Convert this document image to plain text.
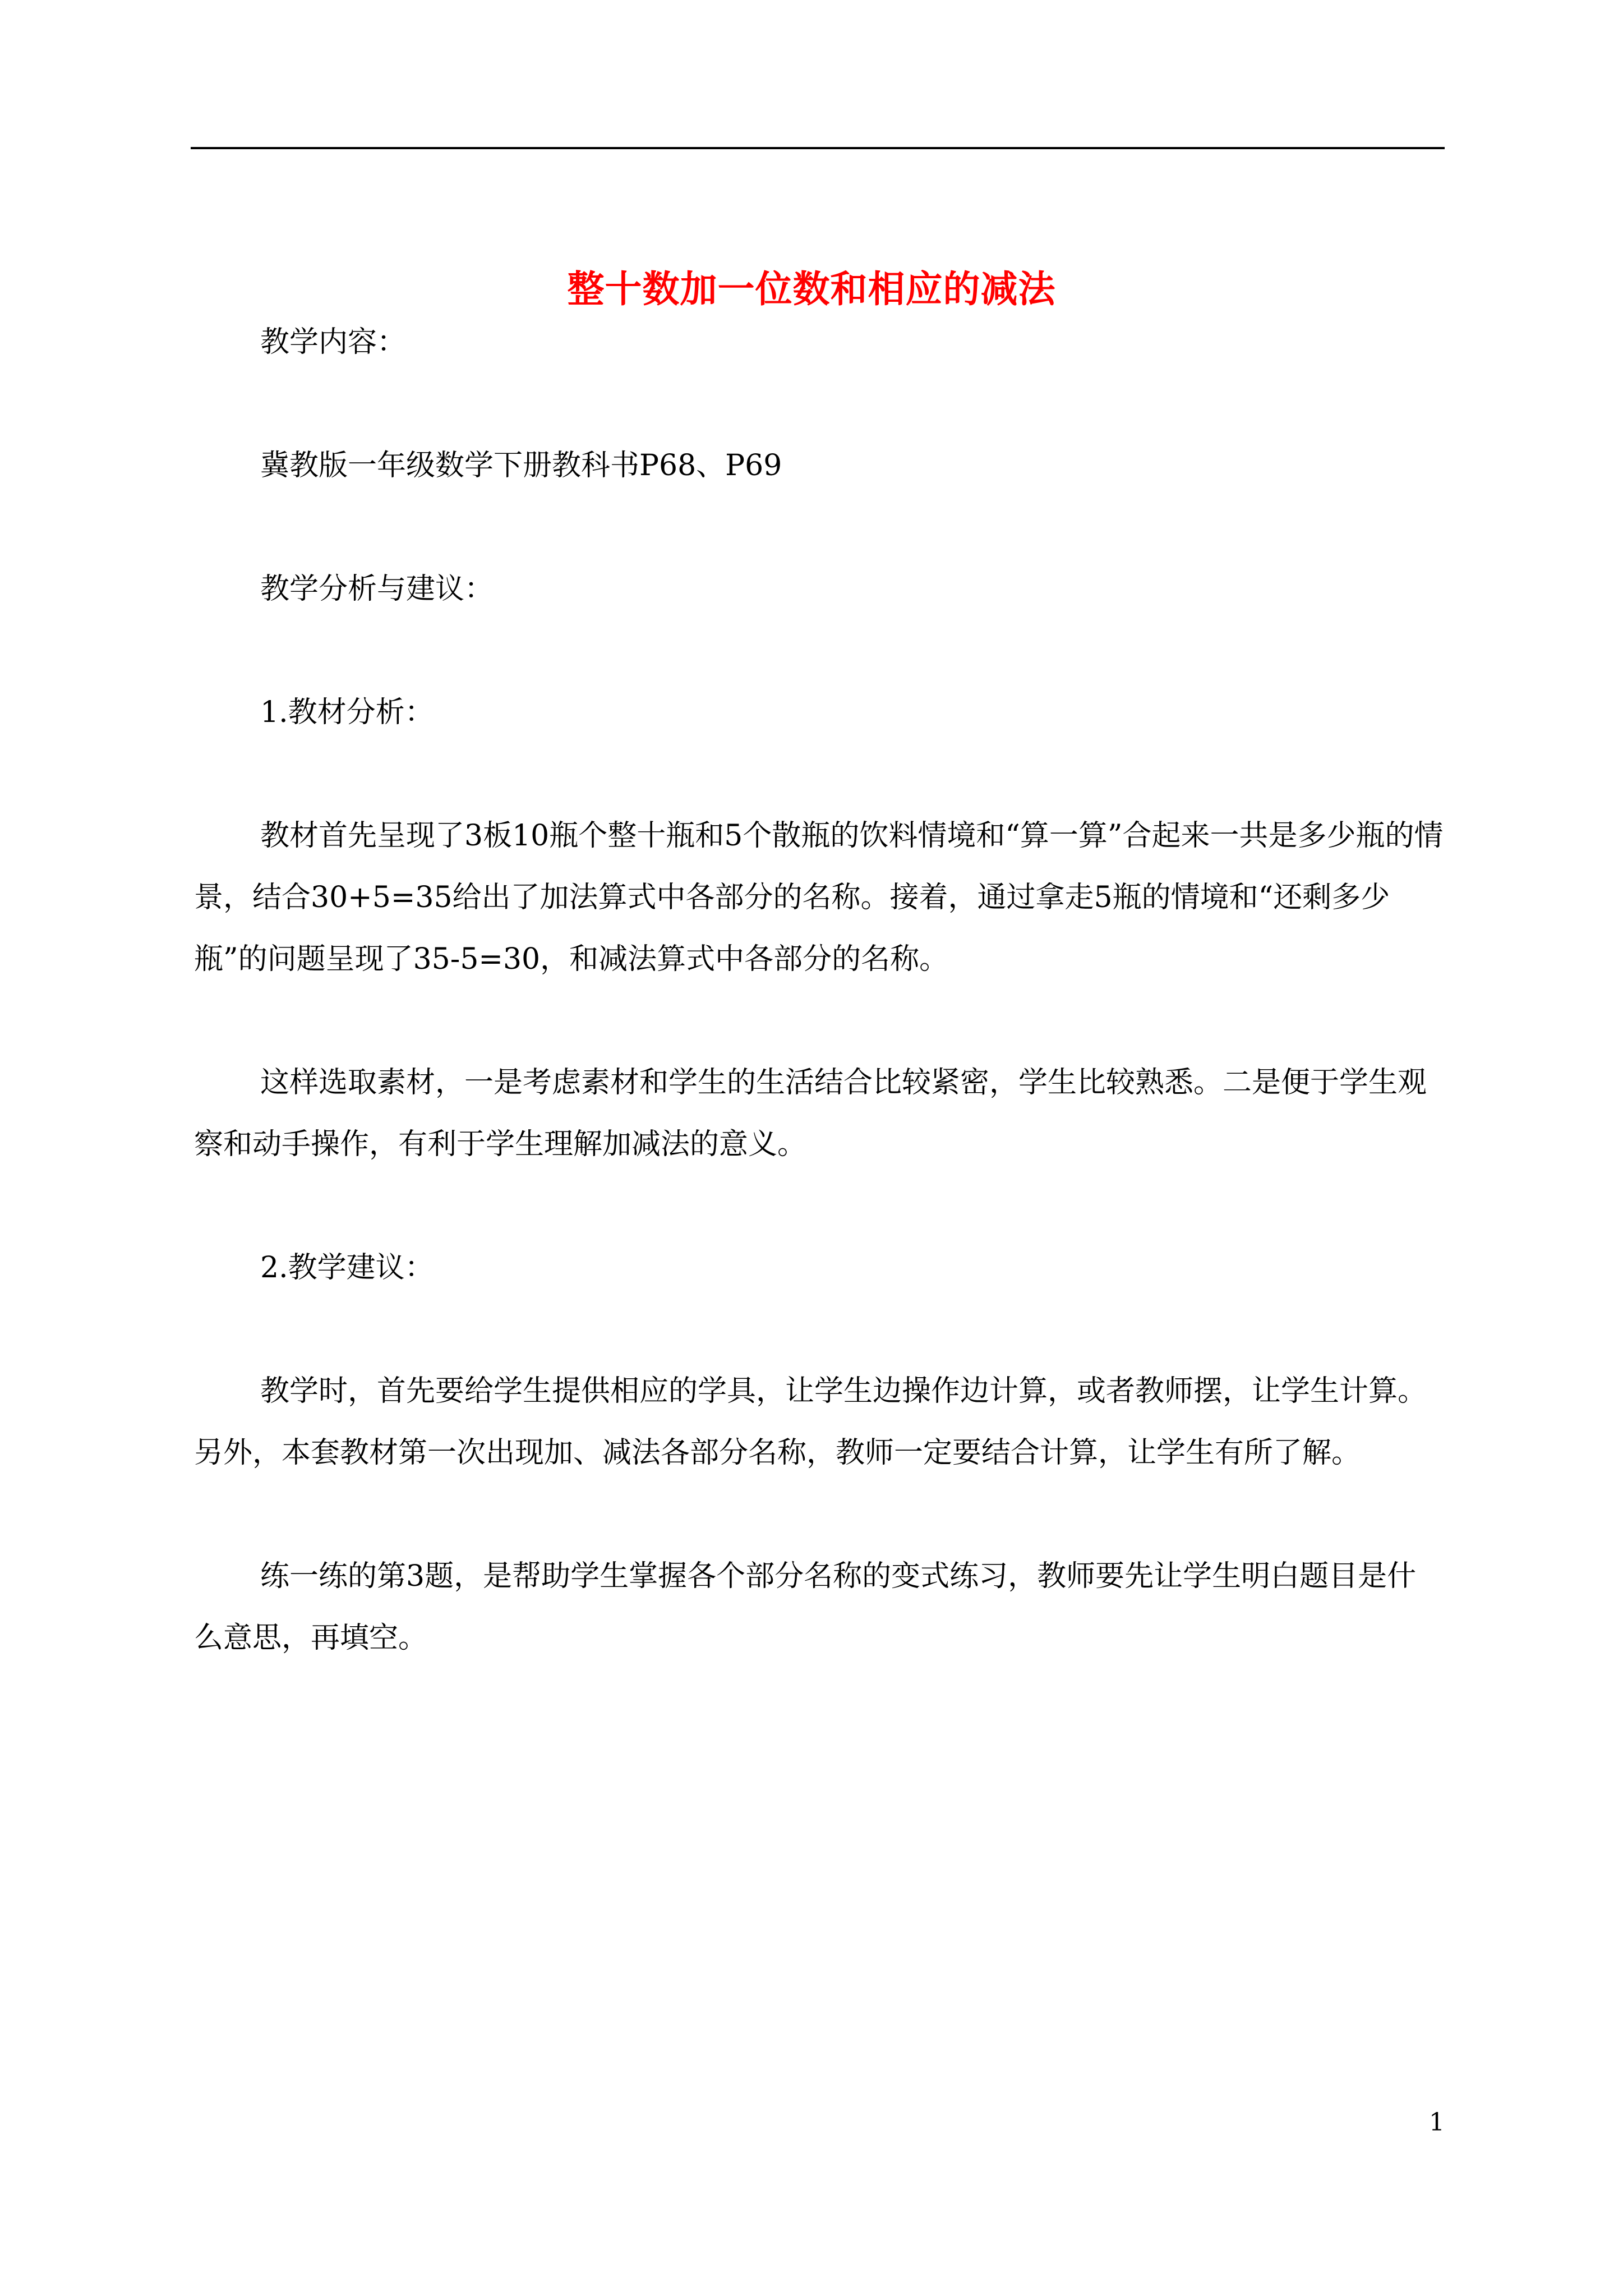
整十数加一位数和相应的减法

教学内容：

冀教版一年级数学下册教科书P68、P69

教学分析与建议：

1.教材分析：

教材首先呈现了3板10瓶个整十瓶和5个散瓶的饮料情境和“算一算”合起来一共是多少瓶的情景，结合30+5=35给出了加法算式中各部分的名称。接着，通过拿走5瓶的情境和“还剩多少瓶”的问题呈现了35-5=30，和减法算式中各部分的名称。

这样选取素材，一是考虑素材和学生的生活结合比较紧密，学生比较熟悉。二是便于学生观察和动手操作，有利于学生理解加减法的意义。

2.教学建议：

教学时，首先要给学生提供相应的学具，让学生边操作边计算，或者教师摆，让学生计算。另外，本套教材第一次出现加、减法各部分名称，教师一定要结合计算，让学生有所了解。

练一练的第3题，是帮助学生掌握各个部分名称的变式练习，教师要先让学生明白题目是什么意思，再填空。

1
